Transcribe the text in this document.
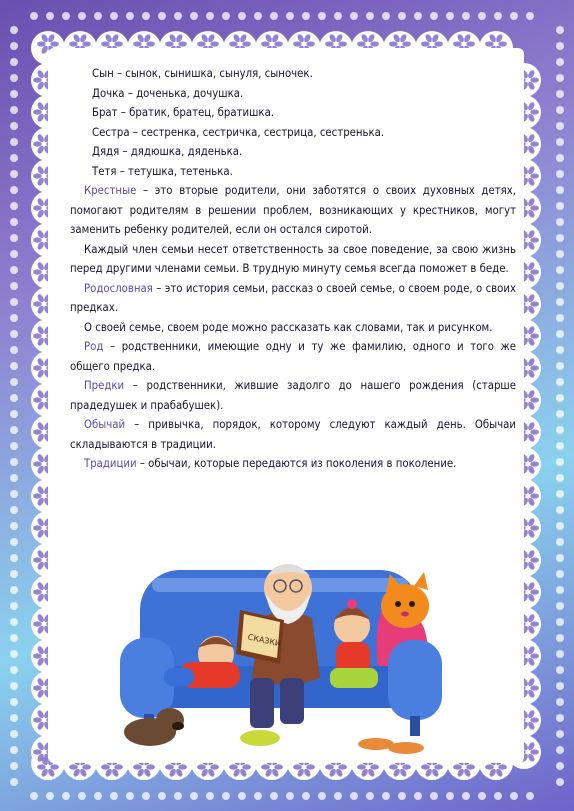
Сын – сынок, сынишка, сынуля, сыночек.

Дочка – доченька, дочушка.

Брат – братик, братец, братишка.

Сестра – сестренка, сестричка, сестрица, сестренька.

Дядя – дядюшка, дяденька.

Тетя – тетушка, тетенька.

Крестные – это вторые родители, они заботятся о своих духовных детях, помогают родителям в решении проблем, возникающих у крестников, могут заменить ребенку родителей, если он остался сиротой.

Каждый член семьи несет ответственность за свое поведение, за свою жизнь перед другими членами семьи. В трудную минуту семья всегда поможет в беде.

Родословная – это история семьи, рассказ о своей семье, о своем роде, о своих предках.

О своей семье, своем роде можно рассказать как словами, так и рисунком.

Род – родственники, имеющие одну и ту же фамилию, одного и того же общего предка.

Предки – родственники, жившие задолго до нашего рождения (старше прадедушек и прабабушек).

Обычай – привычка, порядок, которому следуют каждый день. Обычаи складываются в традиции.

Традиции – обычаи, которые передаются из поколения в поколение.

СКАЗКИ
